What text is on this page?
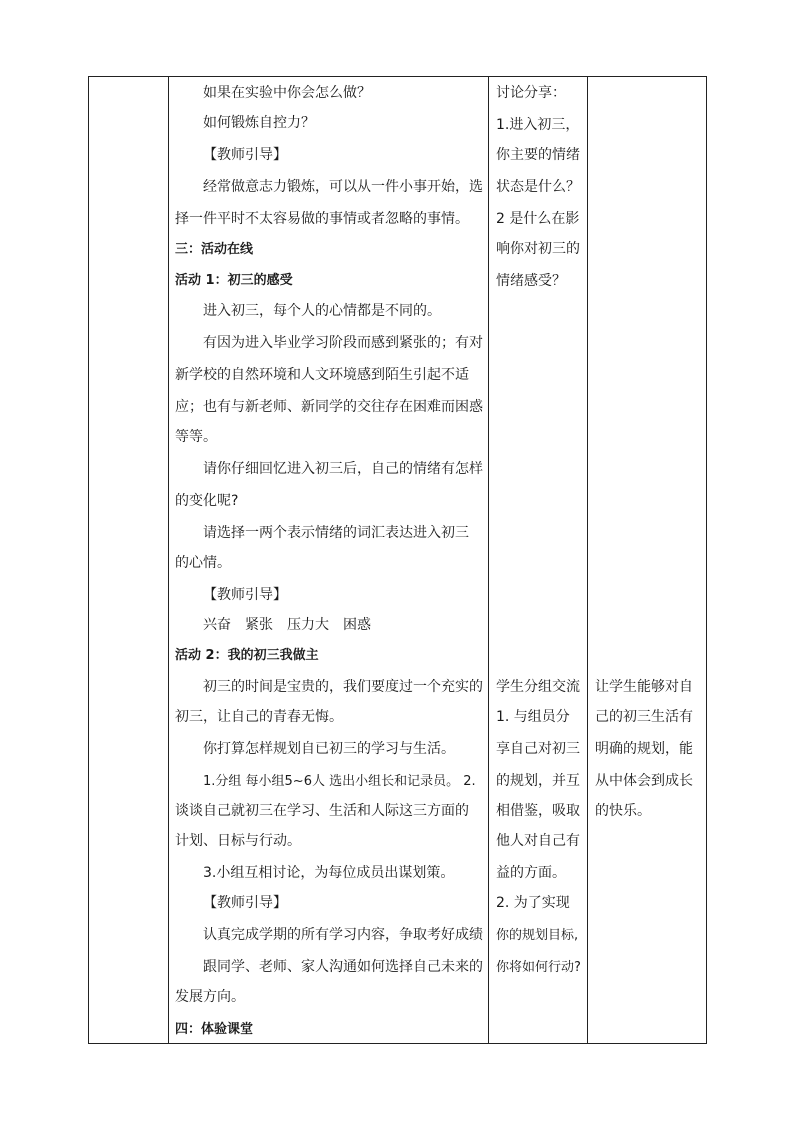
如果在实验中你会怎么做？
如何锻炼自控力？
【教师引导】
经常做意志力锻炼，可以从一件小事开始，选
择一件平时不太容易做的事情或者忽略的事情。
三：活动在线
活动 1：初三的感受
进入初三，每个人的心情都是不同的。
有因为进入毕业学习阶段而感到紧张的；有对
新学校的自然环境和人文环境感到陌生引起不适
应；也有与新老师、新同学的交往存在困难而困惑
等等。
请你仔细回忆进入初三后，自己的情绪有怎样
的变化呢?
请选择一两个表示情绪的词汇表达进入初三
的心情。
【教师引导】
兴奋　紧张　压力大　困惑
活动 2：我的初三我做主
初三的时间是宝贵的，我们要度过一个充实的
初三，让自己的青春无悔。
你打算怎样规划自已初三的学习与生活。
1.分组 每小组5~6人 选出小组长和记录员。 2.
谈谈自己就初三在学习、生活和人际这三方面的
计划、日标与行动。
3.小组互相讨论，为每位成员出谋划策。
【教师引导】
认真完成学期的所有学习内容，争取考好成绩
跟同学、老师、家人沟通如何选择自己未来的
发展方向。
四：体验课堂
讨论分享：
1.进入初三，
你主要的情绪
状态是什么？
2 是什么在影
响你对初三的
情绪感受？
学生分组交流
1. 与组员分
享自己对初三
的规划，并互
相借鉴，吸取
他人对自己有
益的方面。
2. 为了实现
你的规划目标,
你将如何行动?
让学生能够对自
己的初三生活有
明确的规划，能
从中体会到成长
的快乐。
